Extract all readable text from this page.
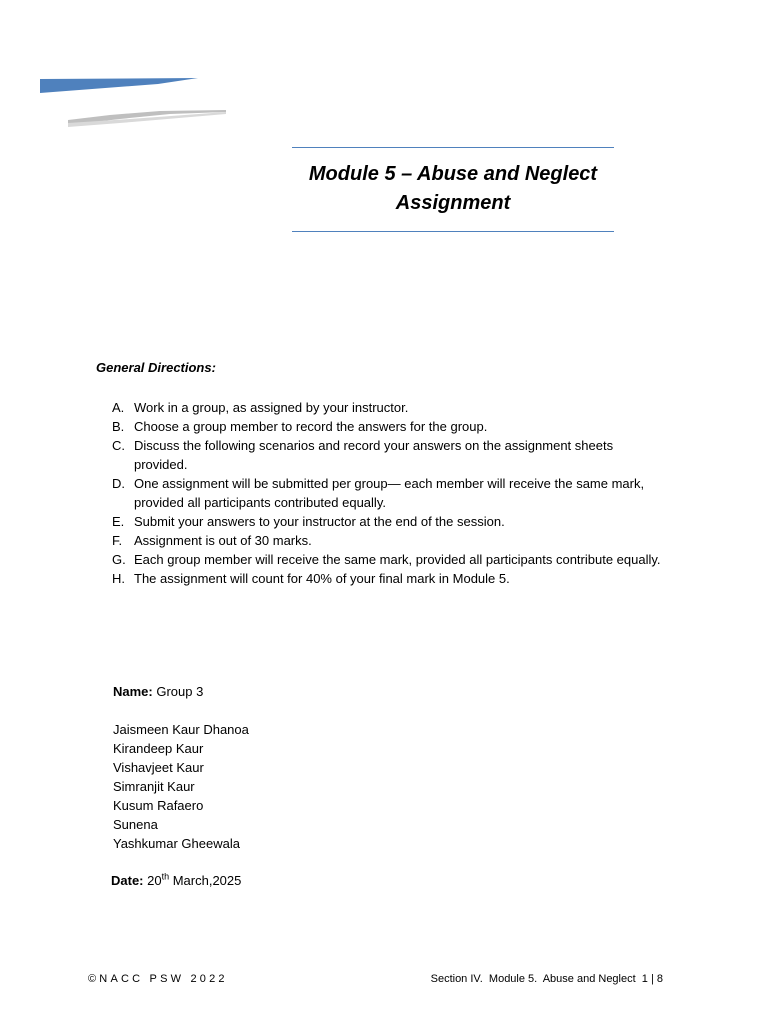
Module 5 – Abuse and Neglect
Assignment
General Directions:
A. Work in a group, as assigned by your instructor.
B. Choose a group member to record the answers for the group.
C. Discuss the following scenarios and record your answers on the assignment sheets provided.
D. One assignment will be submitted per group— each member will receive the same mark, provided all participants contributed equally.
E. Submit your answers to your instructor at the end of the session.
F. Assignment is out of 30 marks.
G. Each group member will receive the same mark, provided all participants contribute equally.
H. The assignment will count for 40% of your final mark in Module 5.
Name: Group 3
Jaismeen Kaur Dhanoa
Kirandeep Kaur
Vishavjeet Kaur
Simranjit Kaur
Kusum Rafaero
Sunena
Yashkumar Gheewala
Date: 20th March,2025
©NACC PSW 2022	Section IV.  Module 5.  Abuse and Neglect  1 | 8
